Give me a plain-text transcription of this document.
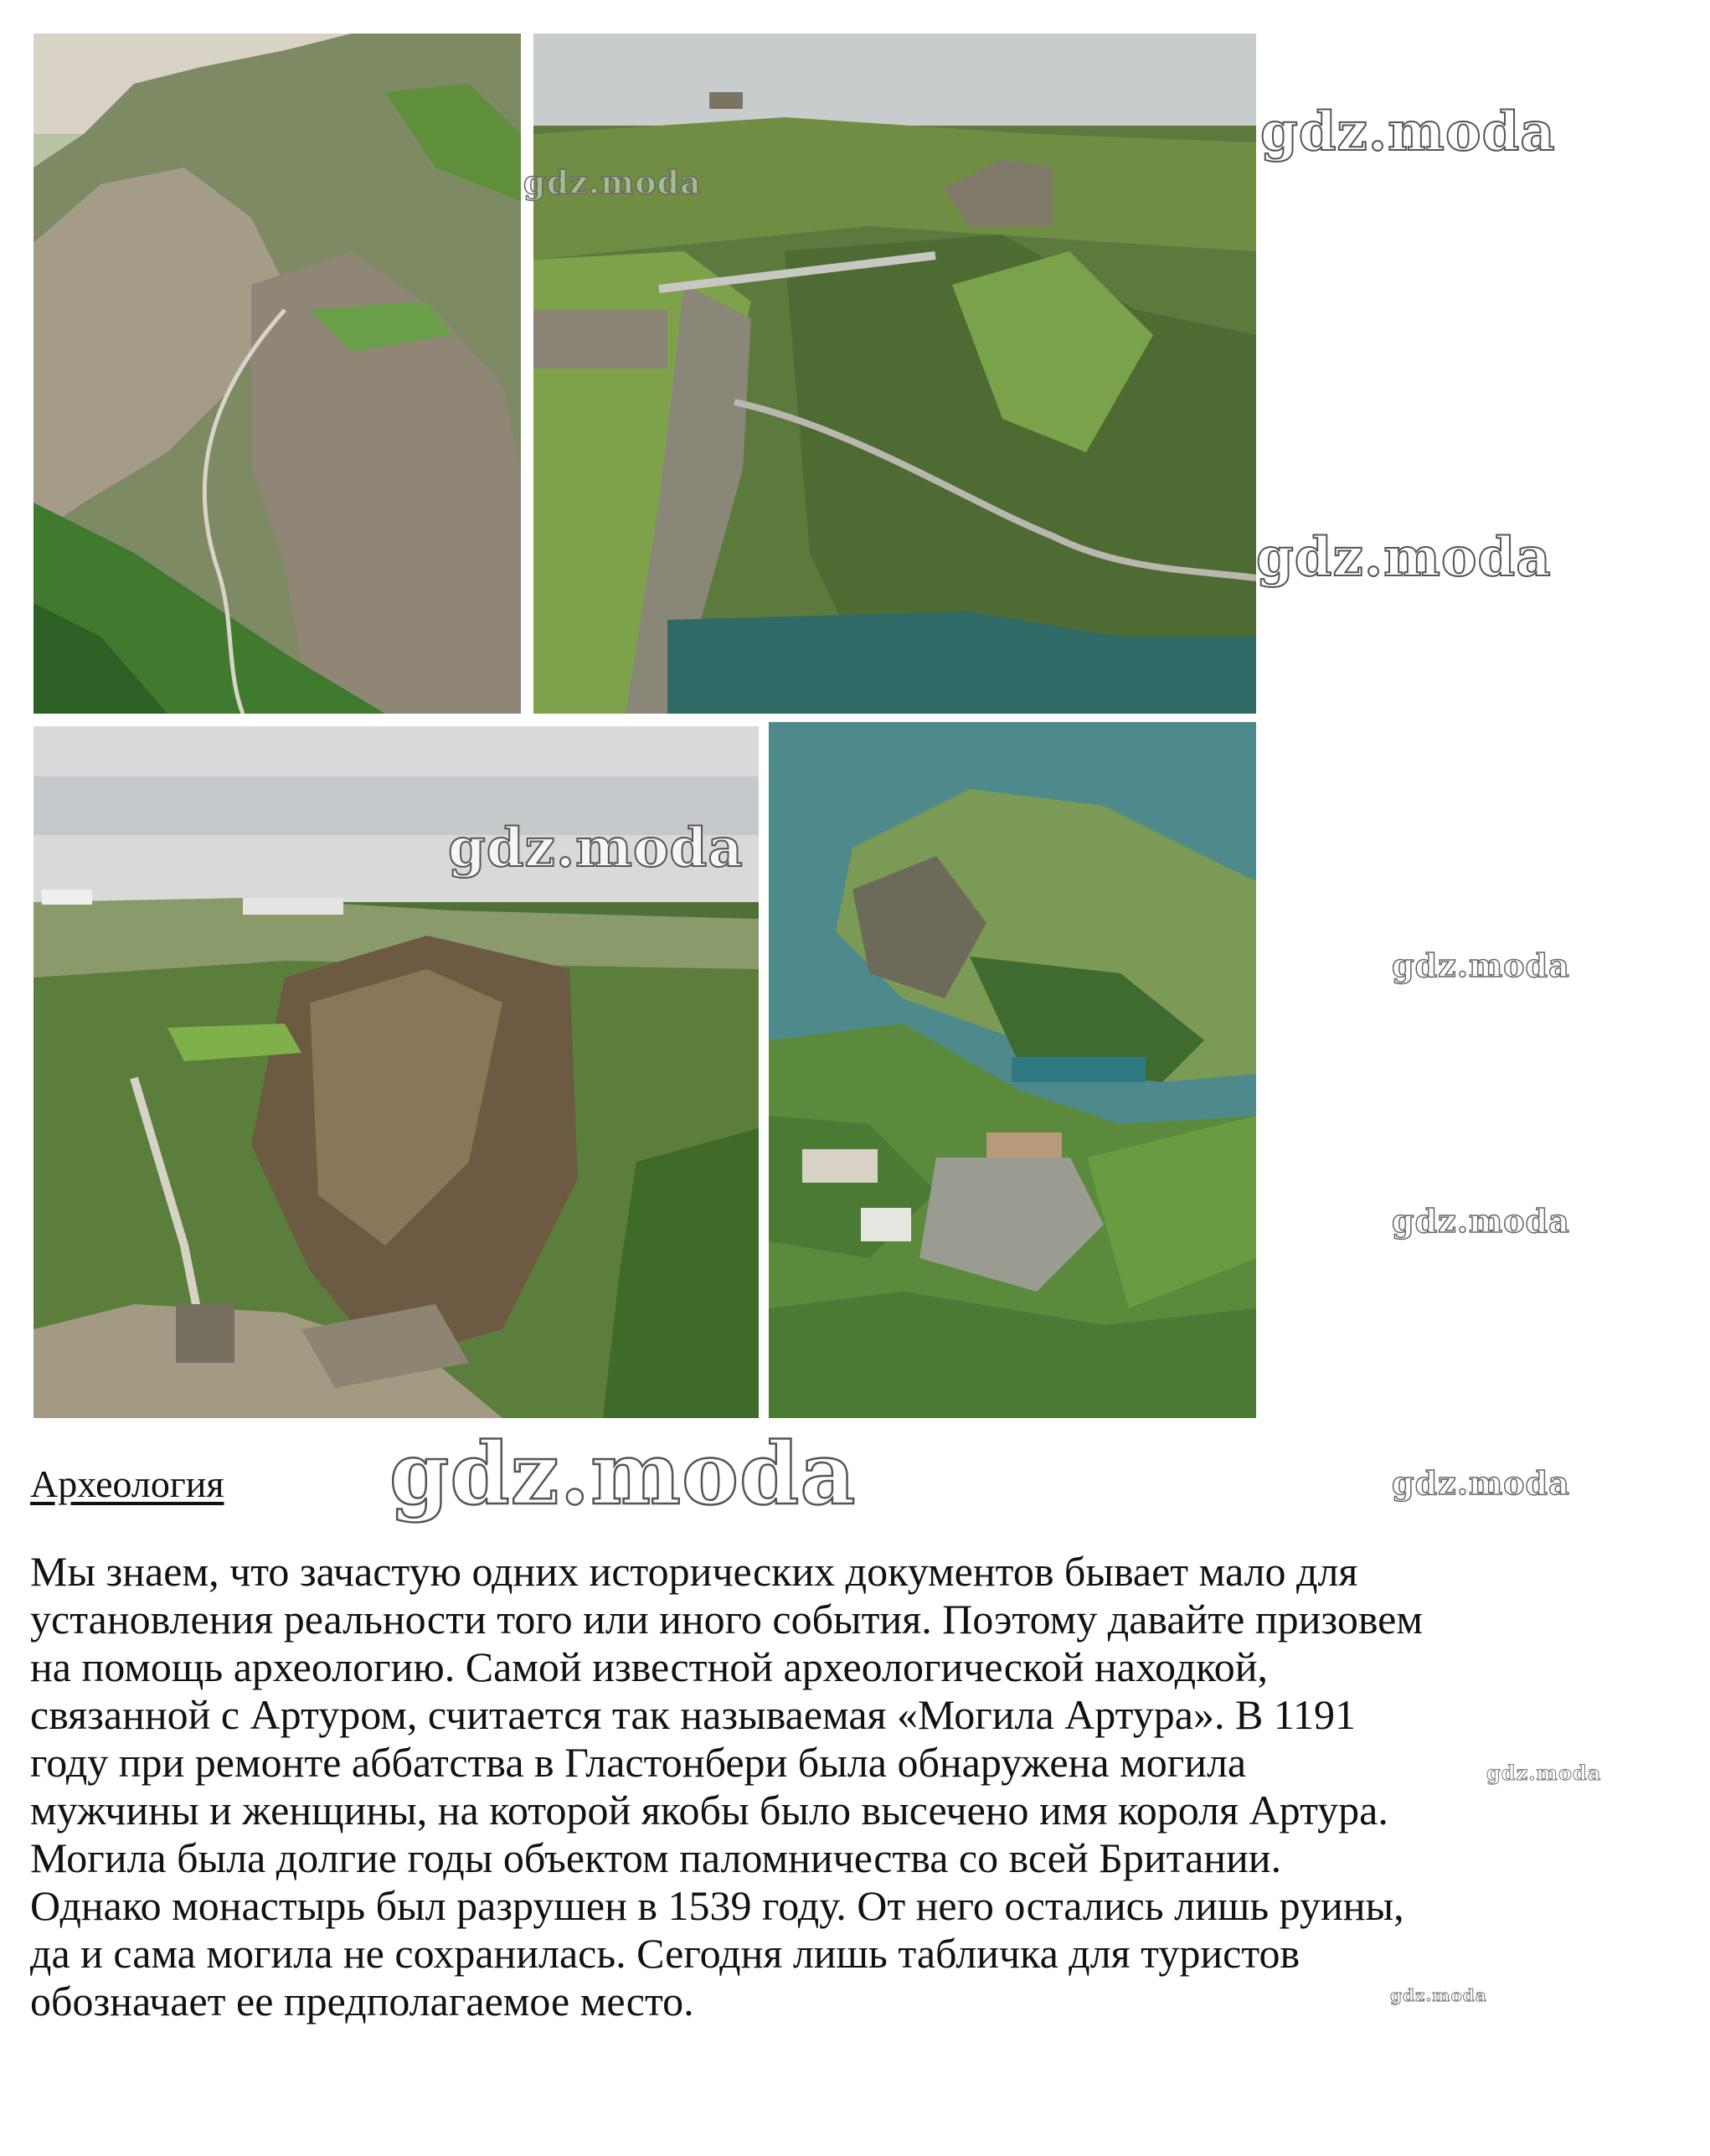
gdz.moda
gdz.moda
gdz.moda
gdz.moda
gdz.moda
gdz.moda
gdz.moda	gdz.moda
gdz.moda
gdz.moda
Археология

Мы знаем, что зачастую одних исторических документов бывает мало для
установления реальности того или иного события. Поэтому давайте призовем
на помощь археологию. Самой известной археологической находкой,
связанной с Артуром, считается так называемая «Могила Артура». В 1191
году при ремонте аббатства в Гластонбери была обнаружена могила
мужчины и женщины, на которой якобы было высечено имя короля Артура.
Могила была долгие годы объектом паломничества со всей Британии.
Однако монастырь был разрушен в 1539 году. От него остались лишь руины,
да и сама могила не сохранилась. Сегодня лишь табличка для туристов
обозначает ее предполагаемое место.
